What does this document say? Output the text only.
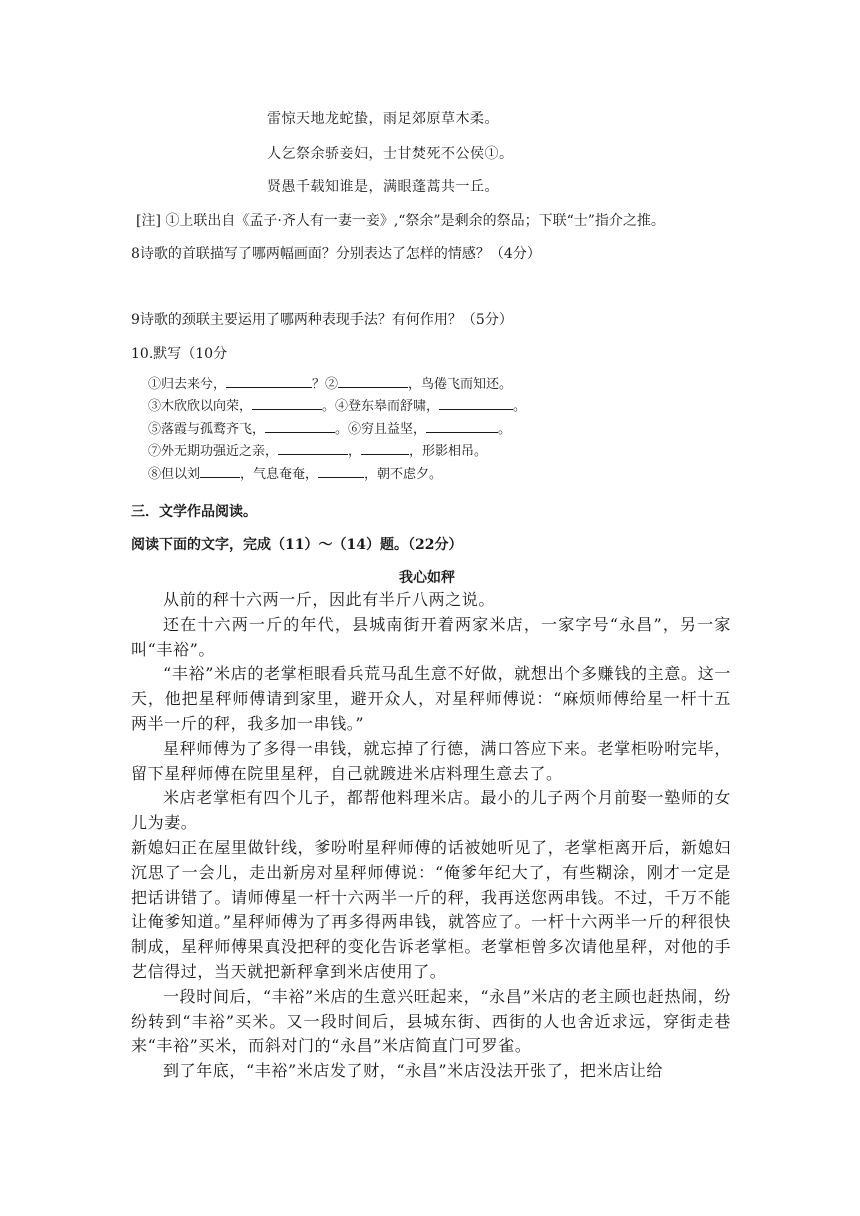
雷惊天地龙蛇蛰，雨足郊原草木柔。
人乞祭余骄妾妇，士甘焚死不公侯①。
贤愚千载知谁是，满眼蓬蒿共一丘。
[注] ①上联出自《孟子·齐人有一妻一妾》,“祭余”是剩余的祭品；下联“士”指介之推。
8诗歌的首联描写了哪两幅画面？分别表达了怎样的情感？（4分）
9诗歌的颈联主要运用了哪两种表现手法？有何作用？（5分）
10.默写（10分
①归去来兮，	？②	，鸟倦飞而知还。
③木欣欣以向荣，	。④登东皋而舒啸，	。
⑤落霞与孤鹜齐飞，	。⑥穷且益坚，	。
⑦外无期功强近之亲，	，	，形影相吊。
⑧但以刘	，气息奄奄，	，朝不虑夕。
三．文学作品阅读。
阅读下面的文字，完成（11）～（14）题。（22分）
我心如秤

从前的秤十六两一斤，因此有半斤八两之说。

还在十六两一斤的年代，县城南街开着两家米店，一家字号“永昌”，另一家叫“丰裕”。

“丰裕”米店的老掌柜眼看兵荒马乱生意不好做，就想出个多赚钱的主意。这一天，他把星秤师傅请到家里，避开众人，对星秤师傅说：“麻烦师傅给星一杆十五两半一斤的秤，我多加一串钱。”

星秤师傅为了多得一串钱，就忘掉了行德，满口答应下来。老掌柜吩咐完毕，留下星秤师傅在院里星秤，自己就踱进米店料理生意去了。

米店老掌柜有四个儿子，都帮他料理米店。最小的儿子两个月前娶一塾师的女儿为妻。

新媳妇正在屋里做针线，爹吩咐星秤师傅的话被她听见了，老掌柜离开后，新媳妇沉思了一会儿，走出新房对星秤师傅说：“俺爹年纪大了，有些糊涂，刚才一定是把话讲错了。请师傅星一杆十六两半一斤的秤，我再送您两串钱。不过，千万不能让俺爹知道。”星秤师傅为了再多得两串钱，就答应了。一杆十六两半一斤的秤很快制成，星秤师傅果真没把秤的变化告诉老掌柜。老掌柜曾多次请他星秤，对他的手艺信得过，当天就把新秤拿到米店使用了。

一段时间后，“丰裕”米店的生意兴旺起来，“永昌”米店的老主顾也赶热闹，纷纷转到“丰裕”买米。又一段时间后，县城东街、西街的人也舍近求远，穿街走巷来“丰裕”买米，而斜对门的“永昌”米店简直门可罗雀。

到了年底，“丰裕”米店发了财，“永昌”米店没法开张了，把米店让给
